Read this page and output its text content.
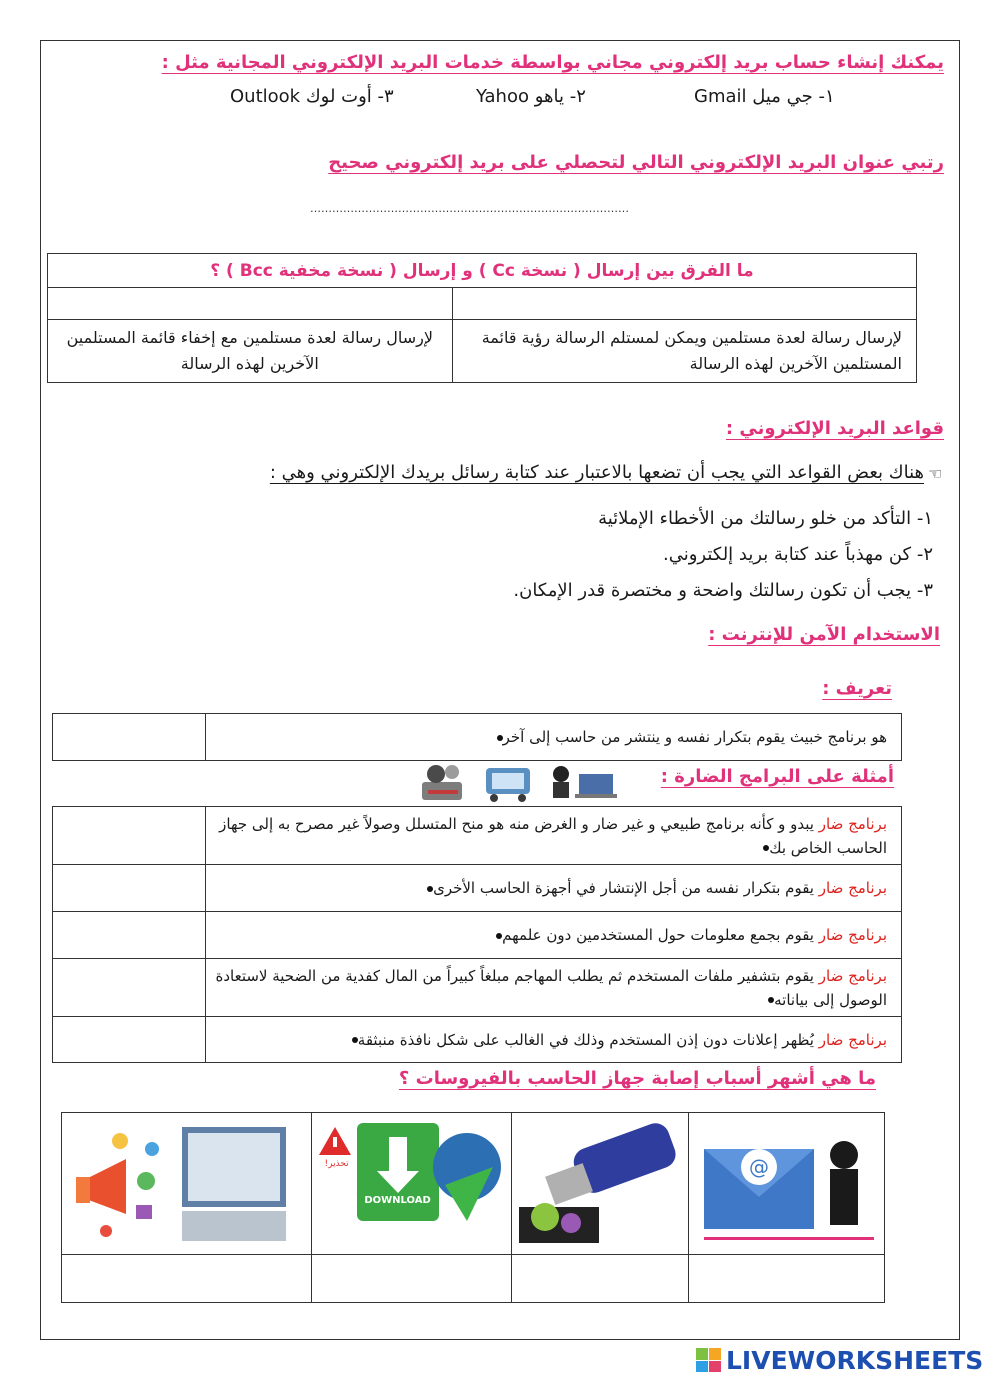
يمكنك إنشاء حساب بريد إلكتروني مجاني بواسطة خدمات البريد الإلكتروني المجانية مثل :
١- جي ميل Gmail
٢- ياهو Yahoo
٣- أوت لوك Outlook
رتبي عنوان البريد الإلكتروني التالي لتحصلي على بريد إلكتروني صحيح
……………………………………………………………………………
ما الفرق بين إرسال ( نسخة Cc ) و إرسال ( نسخة مخفية Bcc ) ؟	

لإرسال رسالة لعدة مستلمين مع إخفاء قائمة المستلمين الآخرين لهذه الرسالة	لإرسال رسالة لعدة مستلمين ويمكن لمستلم الرسالة رؤية قائمة المستلمين الآخرين لهذه الرسالة
قواعد البريد الإلكتروني :
☜
هناك بعض القواعد التي يجب أن تضعها بالاعتبار عند كتابة رسائل بريدك الإلكتروني وهي :
١- التأكد من خلو رسالتك من الأخطاء الإملائية
٢- كن مهذباً عند كتابة بريد إلكتروني.
٣- يجب أن تكون رسالتك واضحة و مختصرة قدر الإمكان.
الاستخدام الآمن للإنترنت :
تعريف :

هو برنامج خبيث يقوم بتكرار نفسه و ينتشر من حاسب إلى آخر
أمثلة على البرامج الضارة :

	برنامج ضار يبدو و كأنه برنامج طبيعي و غير ضار و الغرض منه هو منح المتسلل وصولاً غير مصرح به إلى جهاز الحاسب الخاص بك

	برنامج ضار يقوم بتكرار نفسه من أجل الإنتشار في أجهزة الحاسب الأخرى

	برنامج ضار يقوم بجمع معلومات حول المستخدمين دون علمهم

	برنامج ضار يقوم بتشفير ملفات المستخدم ثم يطلب المهاجم مبلغاً كبيراً من المال كفدية من الضحية لاستعادة الوصول إلى بياناته

	برنامج ضار يُظهر إعلانات دون إذن المستخدم وذلك في الغالب على شكل نافذة منبثقة
ما هي أشهر أسباب إصابة جهاز الحاسب بالفيروسات ؟

DOWNLOAD
تحذير!		@

LIVEWORKSHEETS
